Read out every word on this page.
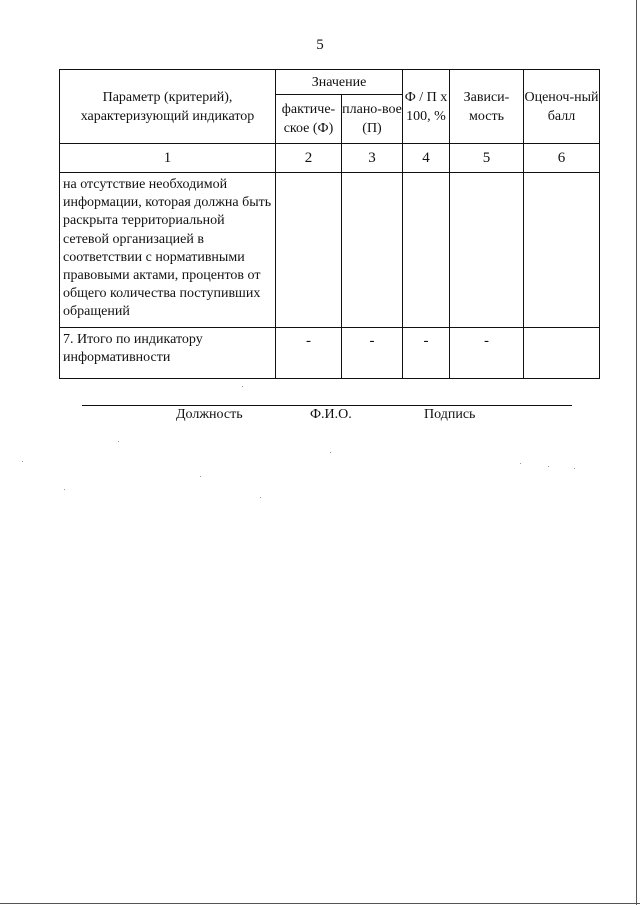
5
Параметр (критерий), характеризующий индикатор	Значение		Ф / П х 100, %	Зависи-мость	Оценоч-ный балл
	фактиче-ское (Ф)	плано-вое (П)			
1	2	3	4	5	6
на отсутствие необходимой информации, которая должна быть раскрыта территориальной сетевой организацией в соответствии с нормативными правовыми актами, процентов от общего количества поступивших обращений					
7. Итого по индикатору информативности	-	-	-	-	
Должность	Ф.И.О.	Подпись
